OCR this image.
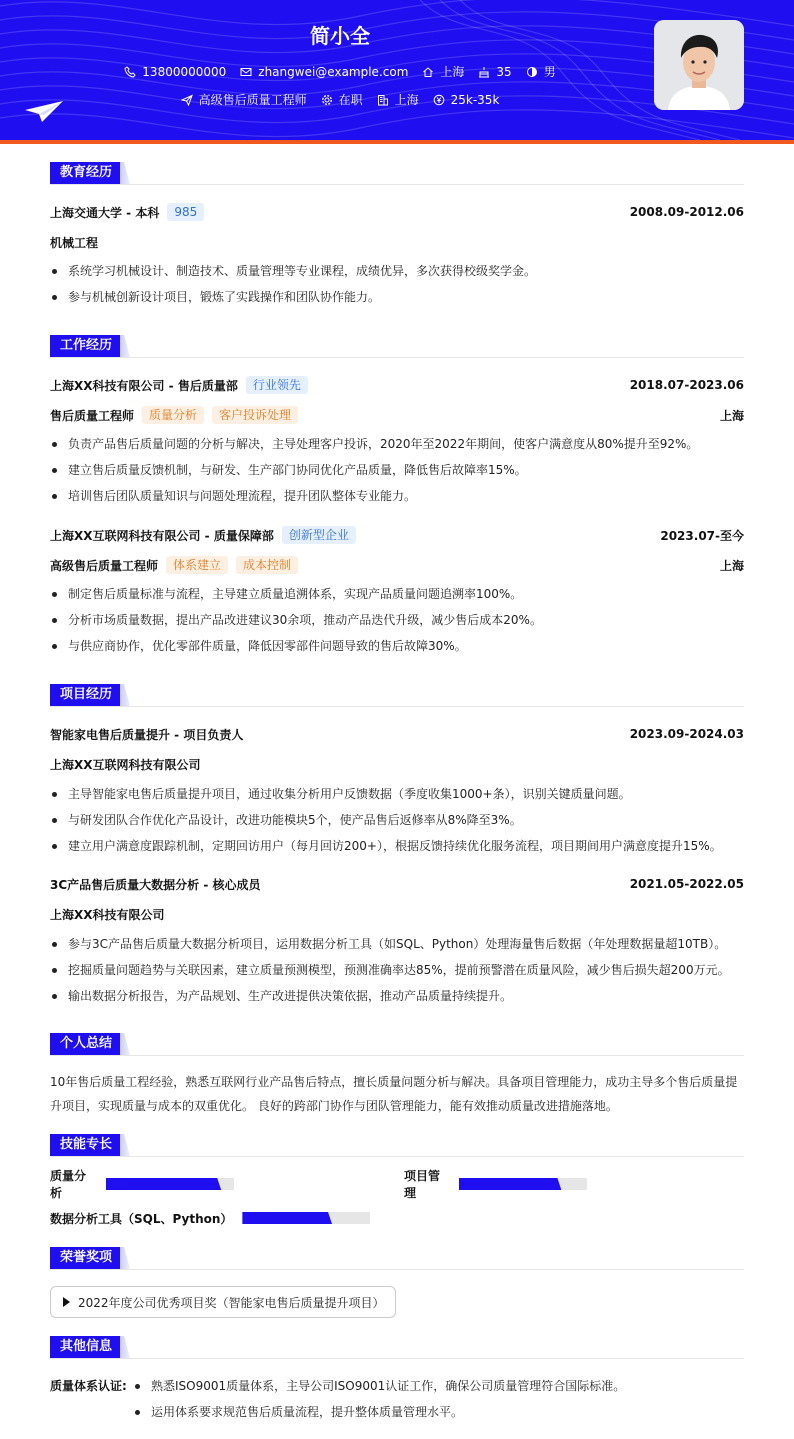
简小全
13800000000	zhangwei@example.com	上海	35	男
高级售后质量工程师	在职	上海	25k-35k
教育经历
上海交通大学 - 本科	985	2008.09-2012.06
机械工程
系统学习机械设计、制造技术、质量管理等专业课程，成绩优异，多次获得校级奖学金。
参与机械创新设计项目，锻炼了实践操作和团队协作能力。
工作经历
上海XX科技有限公司 - 售后质量部	行业领先	2018.07-2023.06
售后质量工程师	质量分析	客户投诉处理	上海
负责产品售后质量问题的分析与解决，主导处理客户投诉，2020年至2022年期间，使客户满意度从80%提升至92%。
建立售后质量反馈机制，与研发、生产部门协同优化产品质量，降低售后故障率15%。
培训售后团队质量知识与问题处理流程，提升团队整体专业能力。
上海XX互联网科技有限公司 - 质量保障部	创新型企业	2023.07-至今
高级售后质量工程师	体系建立	成本控制	上海
制定售后质量标准与流程，主导建立质量追溯体系，实现产品质量问题追溯率100%。
分析市场质量数据，提出产品改进建议30余项，推动产品迭代升级，减少售后成本20%。
与供应商协作，优化零部件质量，降低因零部件问题导致的售后故障30%。
项目经历
智能家电售后质量提升 - 项目负责人	2023.09-2024.03
上海XX互联网科技有限公司
主导智能家电售后质量提升项目，通过收集分析用户反馈数据（季度收集1000+条），识别关键质量问题。
与研发团队合作优化产品设计，改进功能模块5个，使产品售后返修率从8%降至3%。
建立用户满意度跟踪机制，定期回访用户（每月回访200+），根据反馈持续优化服务流程，项目期间用户满意度提升15%。
3C产品售后质量大数据分析 - 核心成员	2021.05-2022.05
上海XX科技有限公司
参与3C产品售后质量大数据分析项目，运用数据分析工具（如SQL、Python）处理海量售后数据（年处理数据量超10TB）。
挖掘质量问题趋势与关联因素，建立质量预测模型，预测准确率达85%，提前预警潜在质量风险，减少售后损失超200万元。
输出数据分析报告，为产品规划、生产改进提供决策依据，推动产品质量持续提升。
个人总结
10年售后质量工程经验，熟悉互联网行业产品售后特点，擅长质量问题分析与解决。具备项目管理能力，成功主导多个售后质量提
升项目，实现质量与成本的双重优化。 良好的跨部门协作与团队管理能力，能有效推动质量改进措施落地。
技能专长
质量分析
项目管理
数据分析工具（SQL、Python）
荣誉奖项
2022年度公司优秀项目奖（智能家电售后质量提升项目）
其他信息
质量体系认证:	熟悉ISO9001质量体系，主导公司ISO9001认证工作，确保公司质量管理符合国际标准。
运用体系要求规范售后质量流程，提升整体质量管理水平。
